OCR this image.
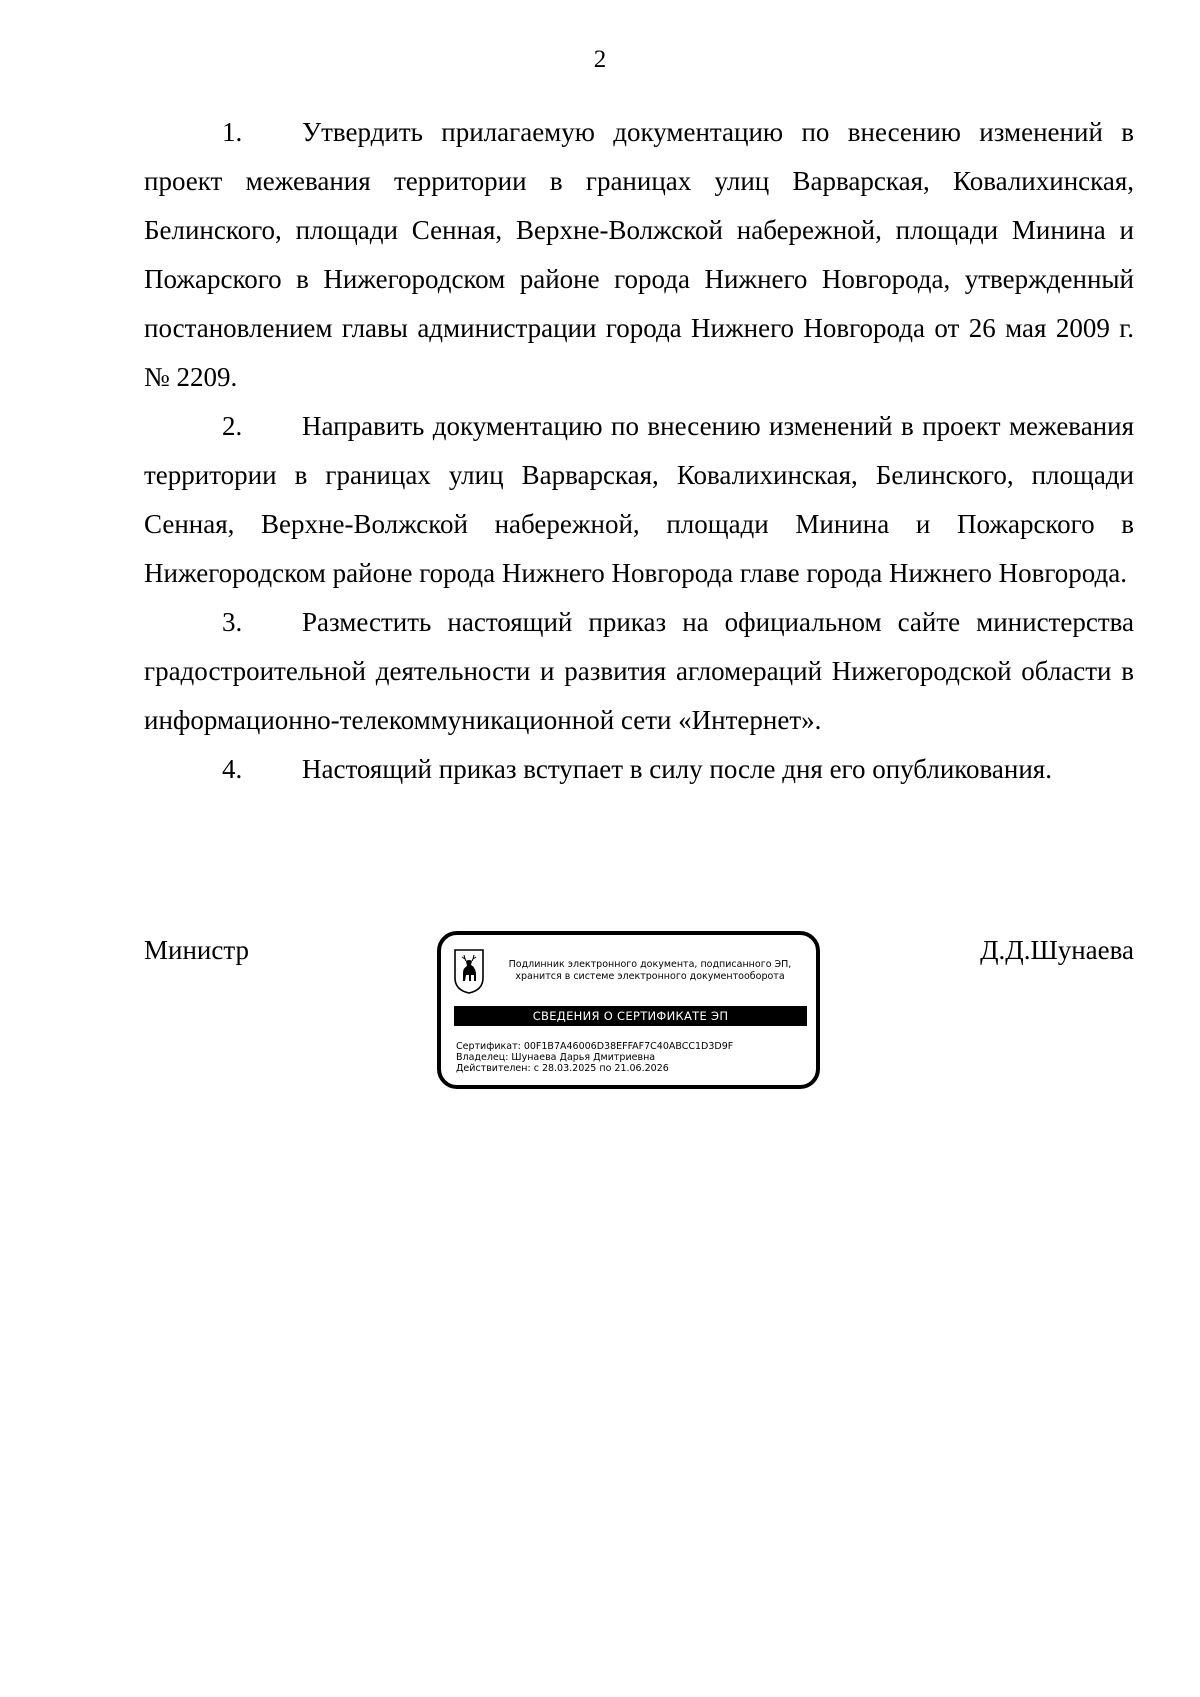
2

1. Утвердить прилагаемую документацию по внесению изменений в проект межевания территории в границах улиц Варварская, Ковалихинская, Белинского, площади Сенная, Верхне-Волжской набережной, площади Минина и Пожарского в Нижегородском районе города Нижнего Новгорода, утвержденный постановлением главы администрации города Нижнего Новгорода от 26 мая 2009 г. № 2209.

2. Направить документацию по внесению изменений в проект межевания территории в границах улиц Варварская, Ковалихинская, Белинского, площади Сенная, Верхне-Волжской набережной, площади Минина и Пожарского в Нижегородском районе города Нижнего Новгорода главе города Нижнего Новгорода.

3. Разместить настоящий приказ на официальном сайте министерства градостроительной деятельности и развития агломераций Нижегородской области в информационно-телекоммуникационной сети «Интернет».

4. Настоящий приказ вступает в силу после дня его опубликования.

Министр	Д.Д.Шунаева
Подлинник электронного документа, подписанного ЭП,
хранится в системе электронного документооборота
СВЕДЕНИЯ О СЕРТИФИКАТЕ ЭП
Сертификат: 00F1B7A46006D38EFFAF7C40ABCC1D3D9F
Владелец: Шунаева Дарья Дмитриевна
Действителен: с 28.03.2025 по 21.06.2026
